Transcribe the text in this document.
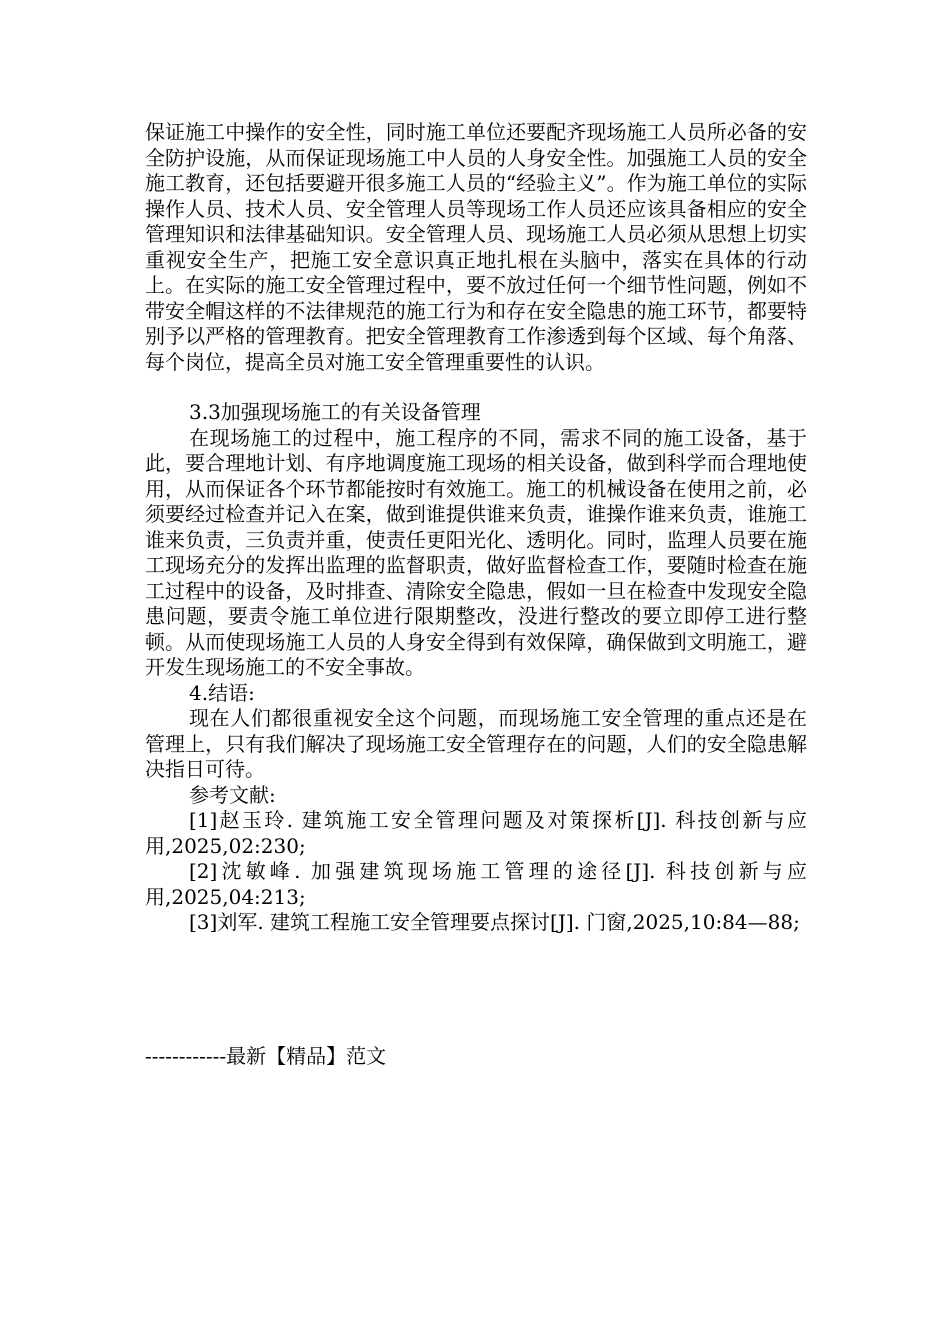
保证施工中操作的安全性，同时施工单位还要配齐现场施工人员所必备的安全防护设施，从而保证现场施工中人员的人身安全性。加强施工人员的安全施工教育，还包括要避开很多施工人员的“经验主义”。作为施工单位的实际操作人员、技术人员、安全管理人员等现场工作人员还应该具备相应的安全管理知识和法律基础知识。安全管理人员、现场施工人员必须从思想上切实重视安全生产，把施工安全意识真正地扎根在头脑中，落实在具体的行动上。在实际的施工安全管理过程中，要不放过任何一个细节性问题，例如不带安全帽这样的不法律规范的施工行为和存在安全隐患的施工环节，都要特别予以严格的管理教育。把安全管理教育工作渗透到每个区域、每个角落、每个岗位，提高全员对施工安全管理重要性的认识。

3.3加强现场施工的有关设备管理

在现场施工的过程中，施工程序的不同，需求不同的施工设备，基于此，要合理地计划、有序地调度施工现场的相关设备，做到科学而合理地使用，从而保证各个环节都能按时有效施工。施工的机械设备在使用之前，必须要经过检查并记入在案，做到谁提供谁来负责，谁操作谁来负责，谁施工谁来负责，三负责并重，使责任更阳光化、透明化。同时，监理人员要在施工现场充分的发挥出监理的监督职责，做好监督检查工作，要随时检查在施工过程中的设备，及时排查、清除安全隐患，假如一旦在检查中发现安全隐患问题，要责令施工单位进行限期整改，没进行整改的要立即停工进行整顿。从而使现场施工人员的人身安全得到有效保障，确保做到文明施工，避开发生现场施工的不安全事故。

4.结语:

现在人们都很重视安全这个问题，而现场施工安全管理的重点还是在管理上，只有我们解决了现场施工安全管理存在的问题，人们的安全隐患解决指日可待。

参考文献:

[1]赵玉玲. 建筑施工安全管理问题及对策探析[J]. 科技创新与应用,2025,02:230;

[2]沈敏峰. 加强建筑现场施工管理的途径[J]. 科技创新与应用,2025,04:213;

[3]刘军. 建筑工程施工安全管理要点探讨[J]. 门窗,2025,10:84—88;

------------最新【精品】范文
